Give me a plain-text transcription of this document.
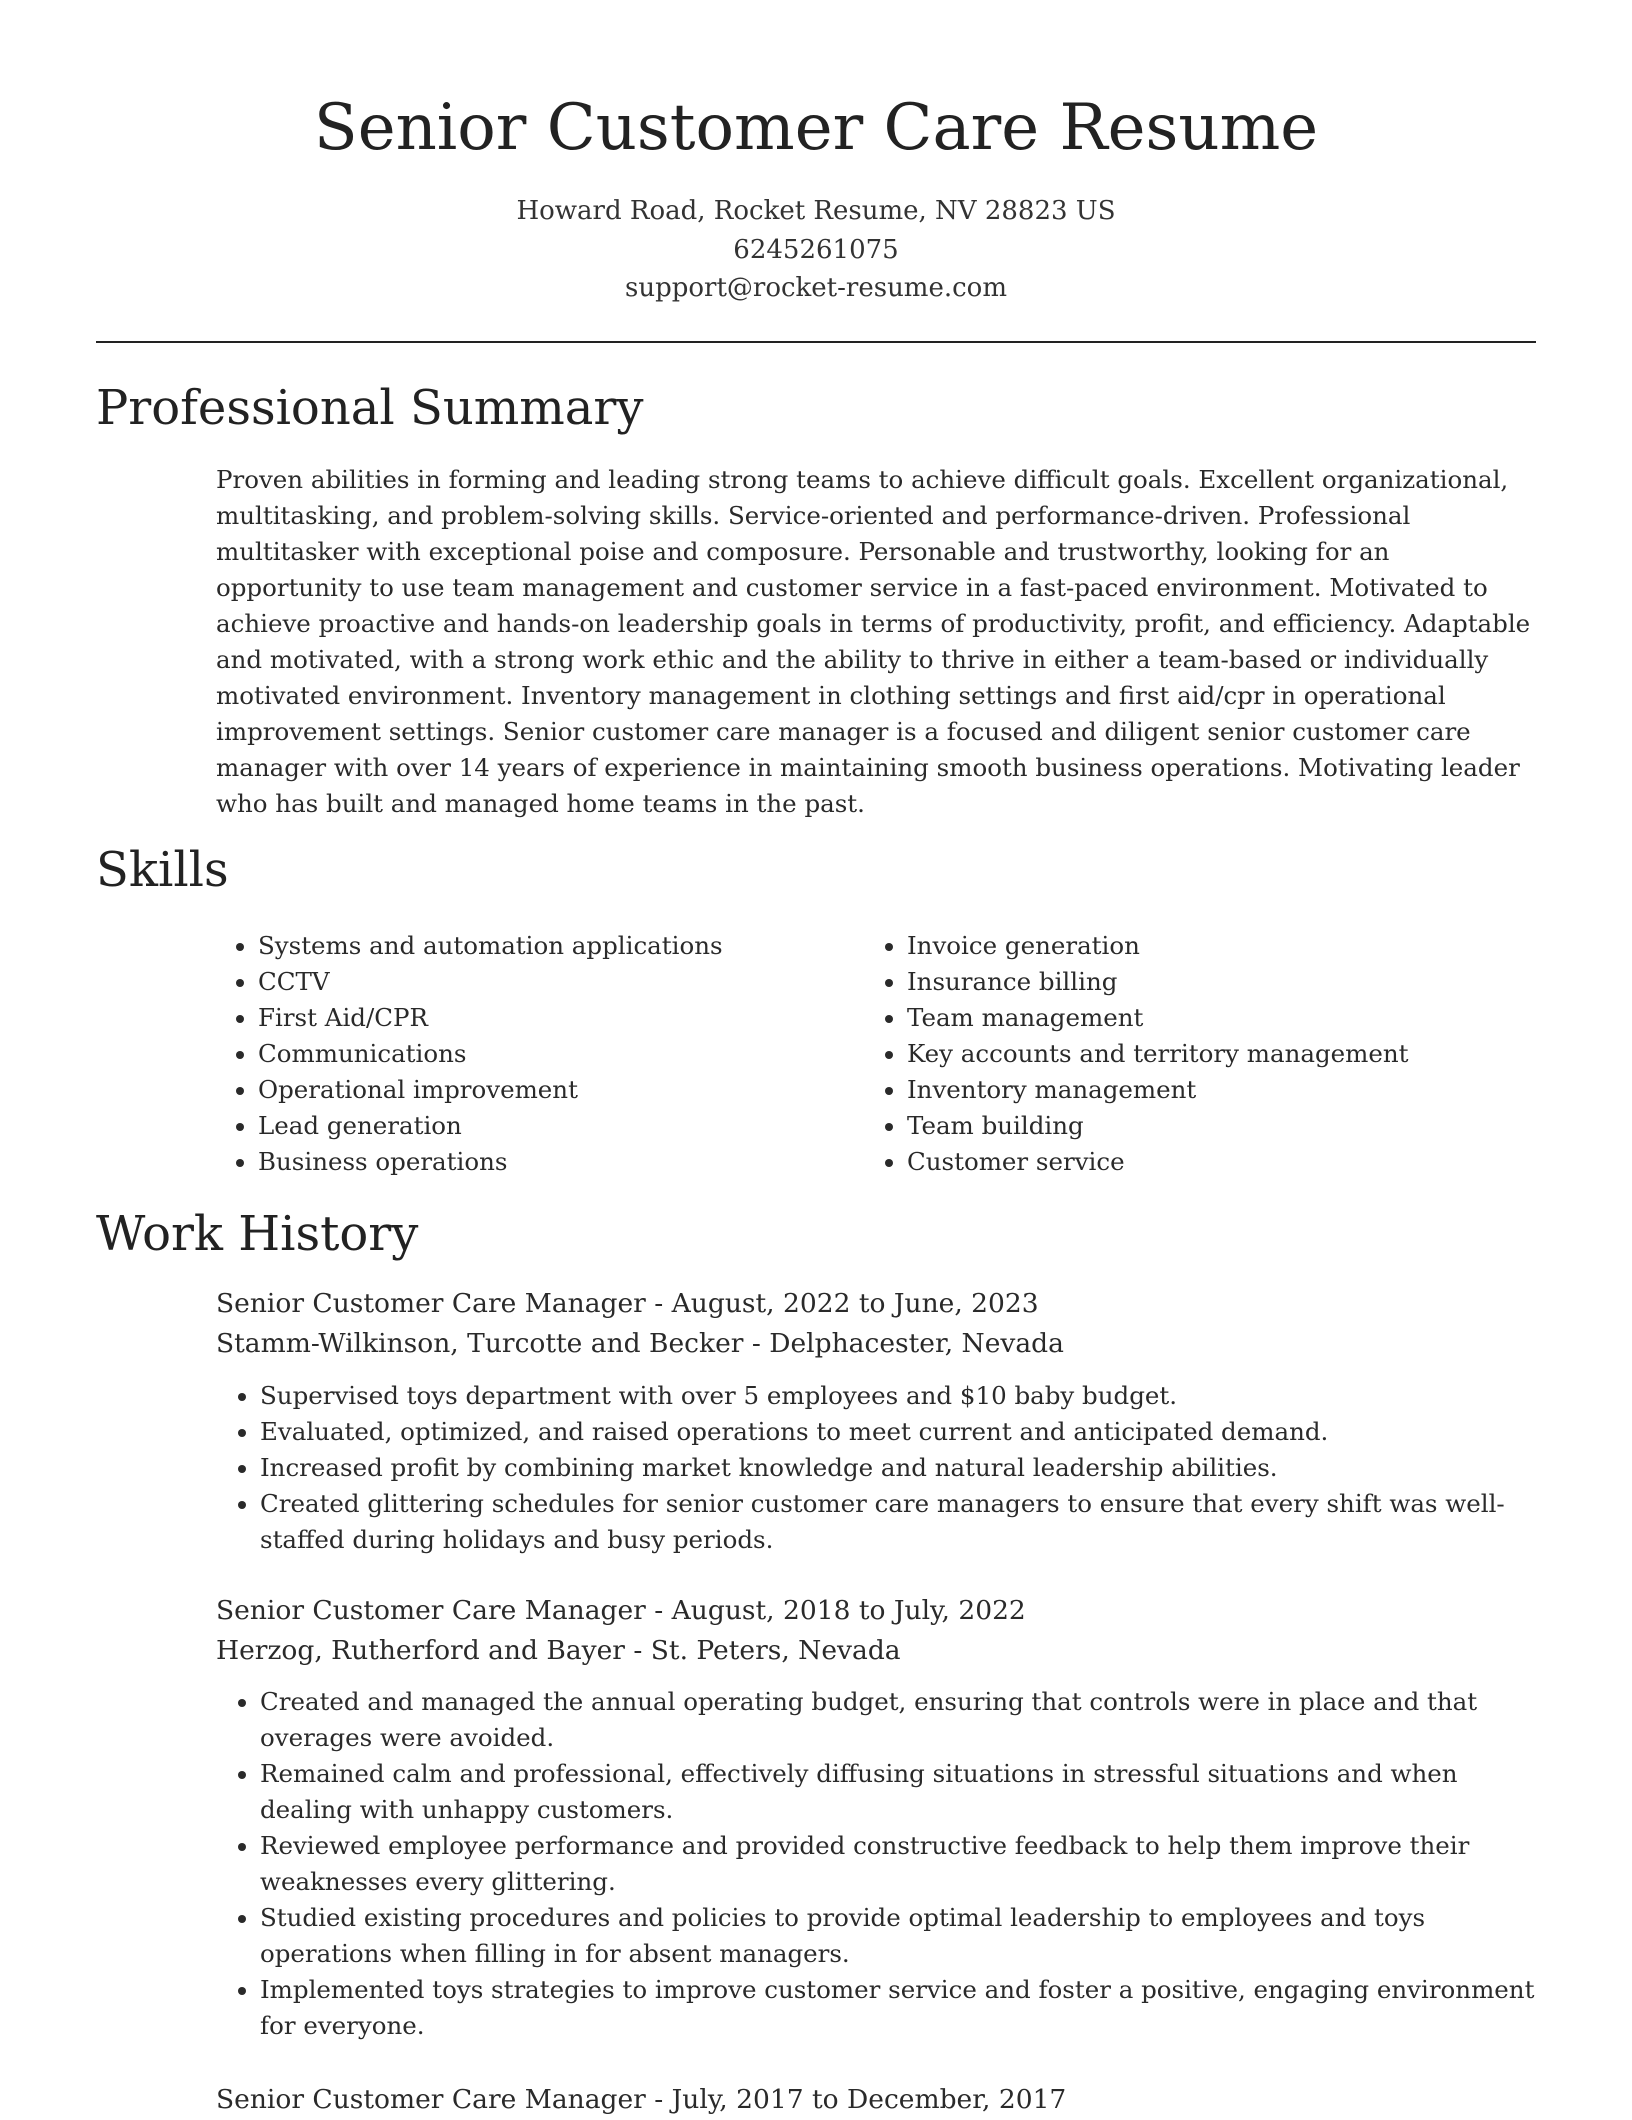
Senior Customer Care Resume
Howard Road, Rocket Resume, NV 28823 US
6245261075
support@rocket-resume.com
Professional Summary

Proven abilities in forming and leading strong teams to achieve difficult goals. Excellent organizational, multitasking, and problem-solving skills. Service-oriented and performance-driven. Professional multitasker with exceptional poise and composure. Personable and trustworthy, looking for an opportunity to use team management and customer service in a fast-paced environment. Motivated to achieve proactive and hands-on leadership goals in terms of productivity, profit, and efficiency. Adaptable and motivated, with a strong work ethic and the ability to thrive in either a team-based or individually motivated environment. Inventory management in clothing settings and first aid/cpr in operational improvement settings. Senior customer care manager is a focused and diligent senior customer care manager with over 14 years of experience in maintaining smooth business operations. Motivating leader who has built and managed home teams in the past.

Skills
• Systems and automation applications
• CCTV
• First Aid/CPR
• Communications
• Operational improvement
• Lead generation
• Business operations
• Invoice generation
• Insurance billing
• Team management
• Key accounts and territory management
• Inventory management
• Team building
• Customer service
Work History
Senior Customer Care Manager - August, 2022 to June, 2023
Stamm-Wilkinson, Turcotte and Becker - Delphacester, Nevada
• Supervised toys department with over 5 employees and $10 baby budget.
• Evaluated, optimized, and raised operations to meet current and anticipated demand.
• Increased profit by combining market knowledge and natural leadership abilities.
• Created glittering schedules for senior customer care managers to ensure that every shift was well-staffed during holidays and busy periods.
Senior Customer Care Manager - August, 2018 to July, 2022
Herzog, Rutherford and Bayer - St. Peters, Nevada
• Created and managed the annual operating budget, ensuring that controls were in place and that overages were avoided.
• Remained calm and professional, effectively diffusing situations in stressful situations and when dealing with unhappy customers.
• Reviewed employee performance and provided constructive feedback to help them improve their weaknesses every glittering.
• Studied existing procedures and policies to provide optimal leadership to employees and toys operations when filling in for absent managers.
• Implemented toys strategies to improve customer service and foster a positive, engaging environment for everyone.
Senior Customer Care Manager - July, 2017 to December, 2017
